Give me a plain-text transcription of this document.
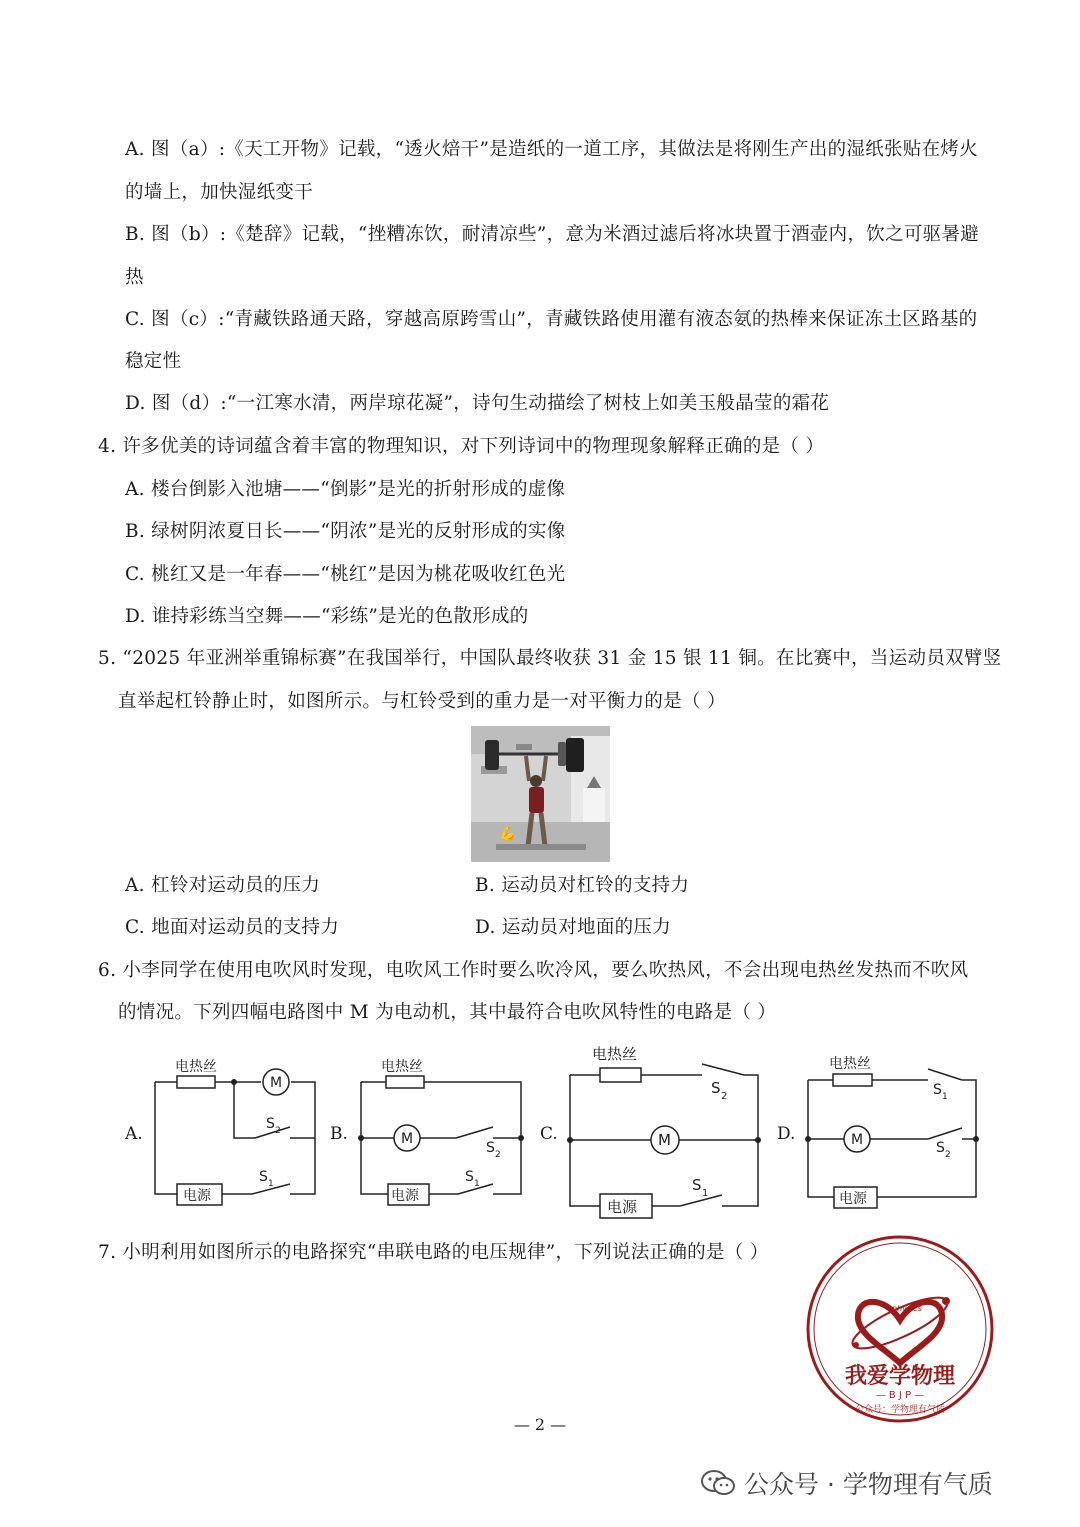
A. 图（a）:《天工开物》记载，“透火焙干”是造纸的一道工序，其做法是将刚生产出的湿纸张贴在烤火
的墙上，加快湿纸变干
B. 图（b）:《楚辞》记载，“挫糟冻饮，耐清凉些”，意为米酒过滤后将冰块置于酒壶内，饮之可驱暑避
热
C. 图（c）:“青藏铁路通天路，穿越高原跨雪山”，青藏铁路使用灌有液态氨的热棒来保证冻土区路基的
稳定性
D. 图（d）:“一江寒水清，两岸琼花凝”，诗句生动描绘了树枝上如美玉般晶莹的霜花
4. 许多优美的诗词蕴含着丰富的物理知识，对下列诗词中的物理现象解释正确的是（ ）
A. 楼台倒影入池塘——“倒影”是光的折射形成的虚像
B. 绿树阴浓夏日长——“阴浓”是光的反射形成的实像
C. 桃红又是一年春——“桃红”是因为桃花吸收红色光
D. 谁持彩练当空舞——“彩练”是光的色散形成的
5. “2025 年亚洲举重锦标赛”在我国举行，中国队最终收获 31 金 15 银 11 铜。在比赛中，当运动员双臂竖
直举起杠铃静止时，如图所示。与杠铃受到的重力是一对平衡力的是（ ）
💪
A. 杠铃对运动员的压力	B. 运动员对杠铃的支持力
C. 地面对运动员的支持力	D. 运动员对地面的压力
6. 小李同学在使用电吹风时发现，电吹风工作时要么吹冷风，要么吹热风，不会出现电热丝发热而不吹风
的情况。下列四幅电路图中 M 为电动机，其中最符合电吹风特性的电路是（ ）
A.	B.	C.	D.
电热丝
M
电源
S 2
S 1
电热丝
M
电源
S 2
S 1
电热丝
M
电源
S 2
S 1
电热丝
M
电源
S 1
S 2
7. 小明利用如图所示的电路探究“串联电路的电压规律”，下列说法正确的是（ ）
physics
我爱学物理
— B J P —
公众号：学物理有气质
— 2 —
公众号 · 学物理有气质
